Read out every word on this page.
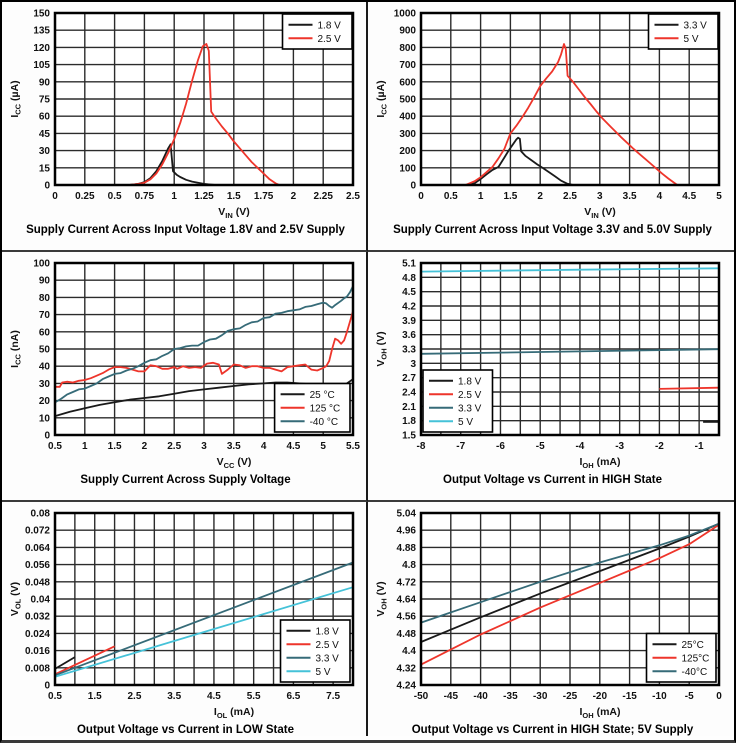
0 0.25 0.5 0.75 1 1.25 1.5 1.75 2 2.25 2.5
0
15
30
45
60
75
90
105
120
135
150
$I_{CC}$ (µA)
1.8 V
2.5 V
$V_{IN}$ (V)
Supply Current Across Input Voltage 1.8V and 2.5V Supply
0 0.5 1 1.5 2 2.5 3 3.5 4 4.5 5
0
100
200
300
400
500
600
700
800
900
1000
$I_{CC}$ (µA)
3.3 V
5 V
$V_{IN}$ (V)
Supply Current Across Input Voltage 3.3V and 5.0V Supply
0.5 1 1.5 2 2.5 3 3.5 4 4.5 5 5.5
0
10
20
30
40
50
60
70
80
90
100
$I_{CC}$ (nA)
25 °C
125 °C
-40 °C
$V_{CC}$ (V)
Supply Current Across Supply Voltage
-8	-7	-6	-5	-4	-3	-2	-1
1.5
1.8
2.1
2.4
2.7
3
3.3
3.6
3.9
4.2
4.5
4.8
5.1
$V_{OH}$ (V)
1.8 V
2.5 V
3.3 V
5 V
$I_{OH}$ (mA)
Output Voltage vs Current in HIGH State
0.5	1.5	2.5	3.5	4.5	5.5	6.5	7.5
0
0.008
0.016
0.024
0.032
0.04
0.048
0.056
0.064
0.072
0.08
$V_{OL}$ (V)
1.8 V
2.5 V
3.3 V
5 V
$I_{OL}$ (mA)
Output Voltage vs Current in LOW State
-50 -45 -40 -35 -30 -25 -20 -15 -10 -5 0
4.24
4.32
4.4
4.48
4.56
4.64
4.72
4.8
4.88
4.96
5.04
$V_{OH}$ (V)
25°C
125°C
-40°C
$I_{OH}$ (mA)
Output Voltage vs Current in HIGH State; 5V Supply
